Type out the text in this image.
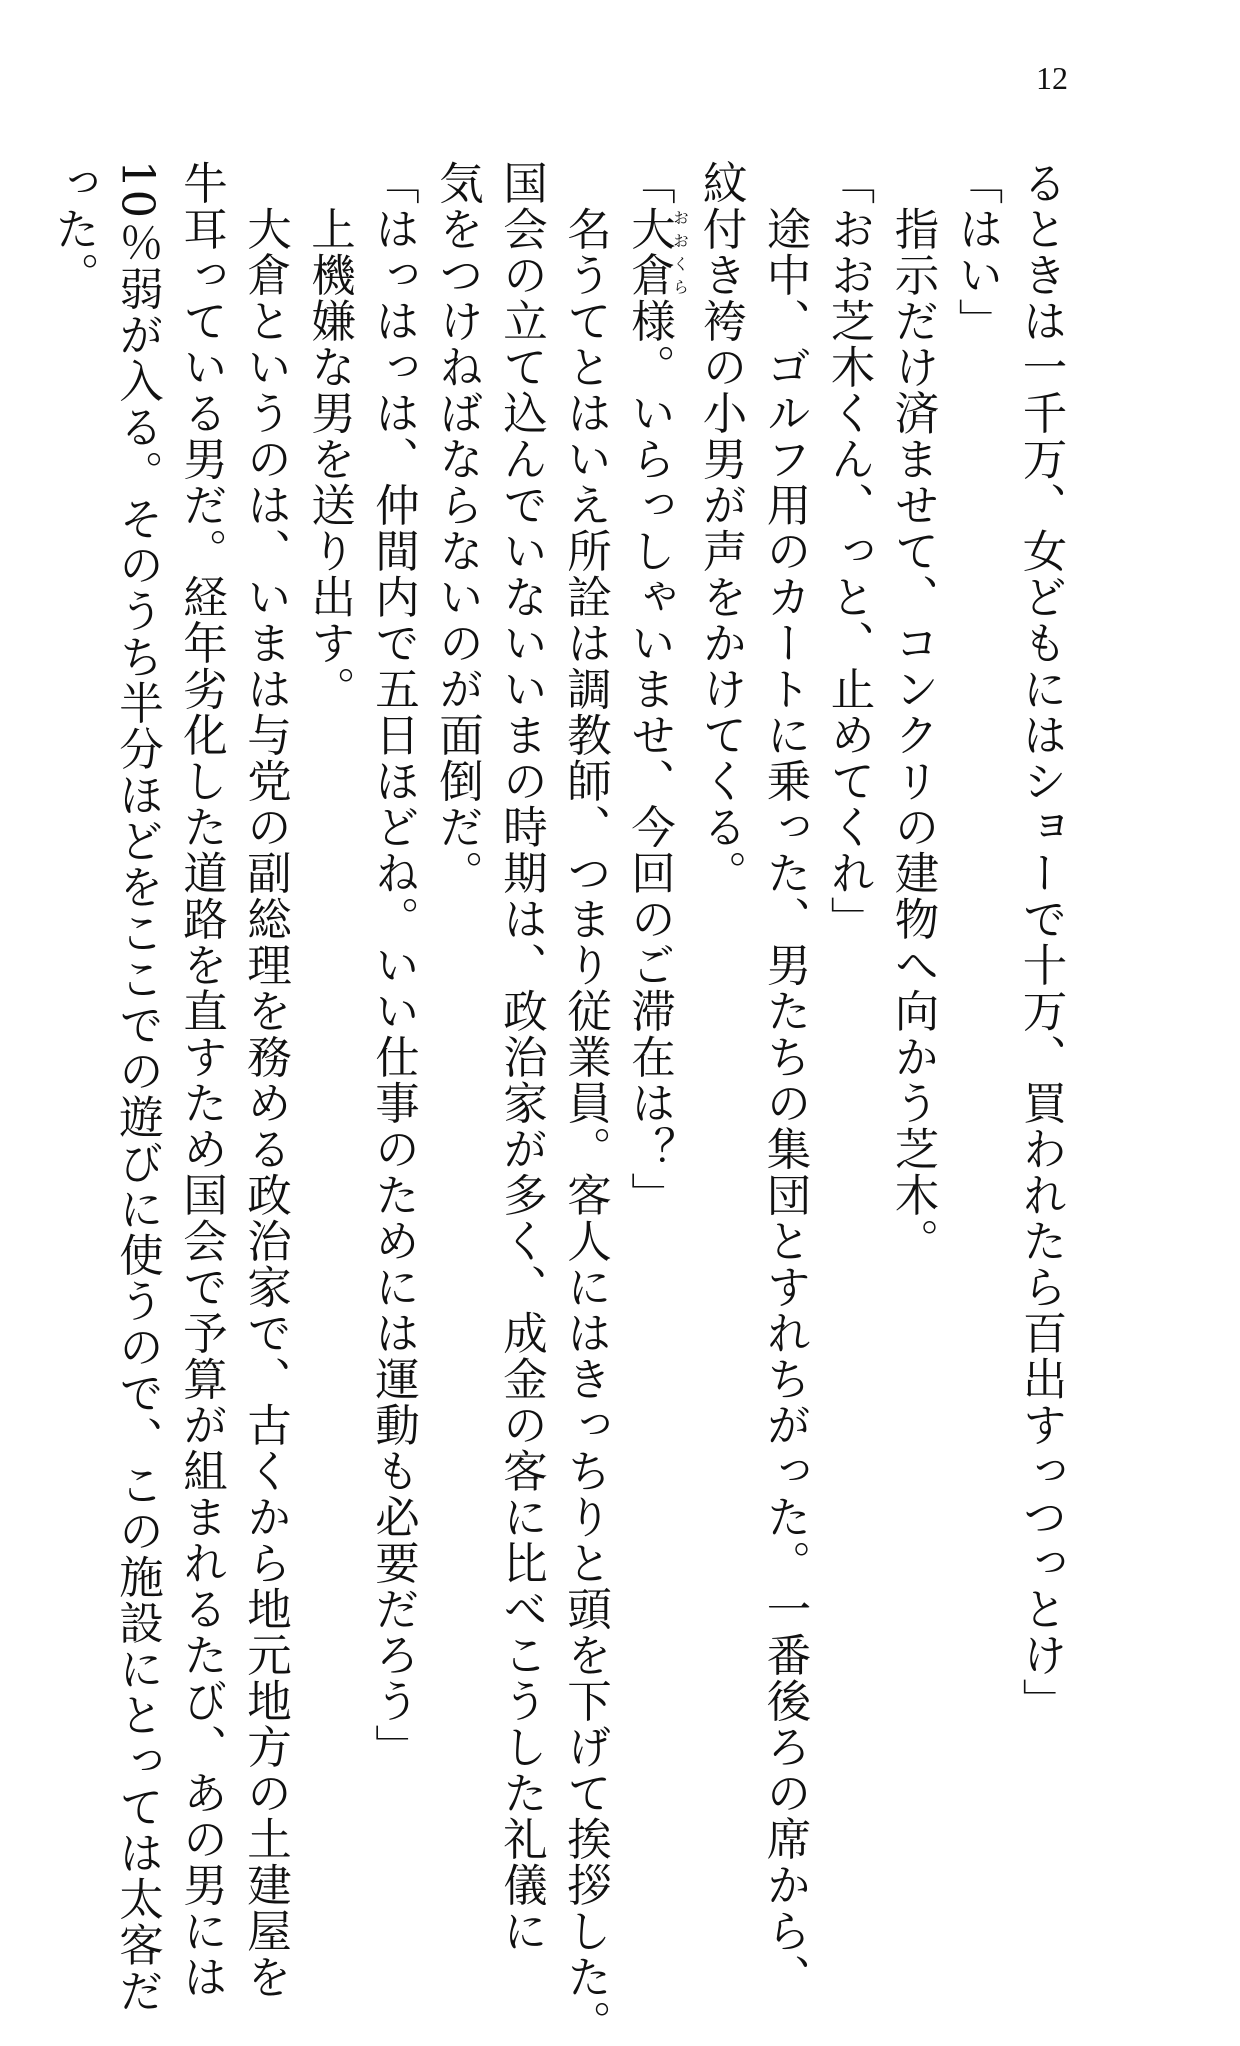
12
るときは一千万、女どもにはショーで十万、買われたら百出すっつっとけ」
「はい」
　指示だけ済ませて、コンクリの建物へ向かう芝木。
「おお芝木くん、っと、止めてくれ」
　途中、ゴルフ用のカートに乗った、男たちの集団とすれちがった。一番後ろの席から、
紋付き袴の小男が声をかけてくる。
「大倉おおくら様。いらっしゃいませ、今回のご滞在は？」
　名うてとはいえ所詮は調教師、つまり従業員。客人にはきっちりと頭を下げて挨拶した。
国会の立て込んでいないいまの時期は、政治家が多く、成金の客に比べこうした礼儀に
気をつけねばならないのが面倒だ。
「はっはっは、仲間内で五日ほどね。いい仕事のためには運動も必要だろう」
　上機嫌な男を送り出す。
　大倉というのは、いまは与党の副総理を務める政治家で、古くから地元地方の土建屋を
牛耳っている男だ。経年劣化した道路を直すため国会で予算が組まれるたび、あの男には
10％弱が入る。そのうち半分ほどをここでの遊びに使うので、この施設にとっては太客だ
った。
